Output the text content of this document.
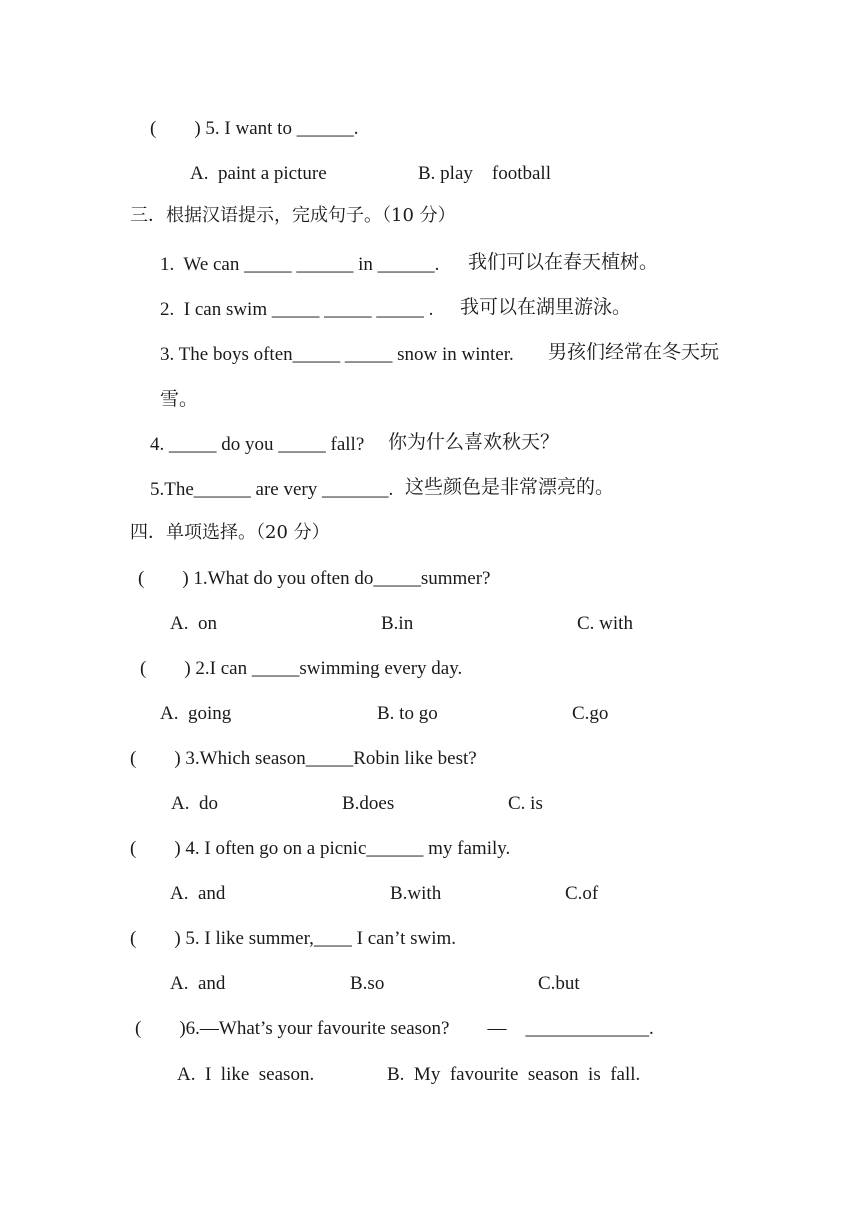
(        ) 5. I want to ______.
A.  paint a picture	B. play    football
三．根据汉语提示，完成句子。（10 分）
1.  We can _____ ______ in ______. 我们可以在春天植树。
2.  I can swim _____ _____ _____ . 我可以在湖里游泳。
3. The boys often_____ _____ snow in winter. 男孩们经常在冬天玩
雪。
4. _____ do you _____ fall? 你为什么喜欢秋天？
5.The______ are very _______. 这些颜色是非常漂亮的。
四．单项选择。（20 分）
(        ) 1.What do you often do_____summer?
A.  on	B.in	C. with
(        ) 2.I can _____swimming every day.
A.  going	B. to go	C.go
(        ) 3.Which season_____Robin like best?
A.  do	B.does	C. is
(        ) 4. I often go on a picnic______ my family.
A.  and	B.with	C.of
(        ) 5. I like summer,____ I can’t swim.
A.  and	B.so	C.but
(        )6.—What’s your favourite season?        —    _____________.
A.  I  like  season.	B.  My  favourite  season  is  fall.
